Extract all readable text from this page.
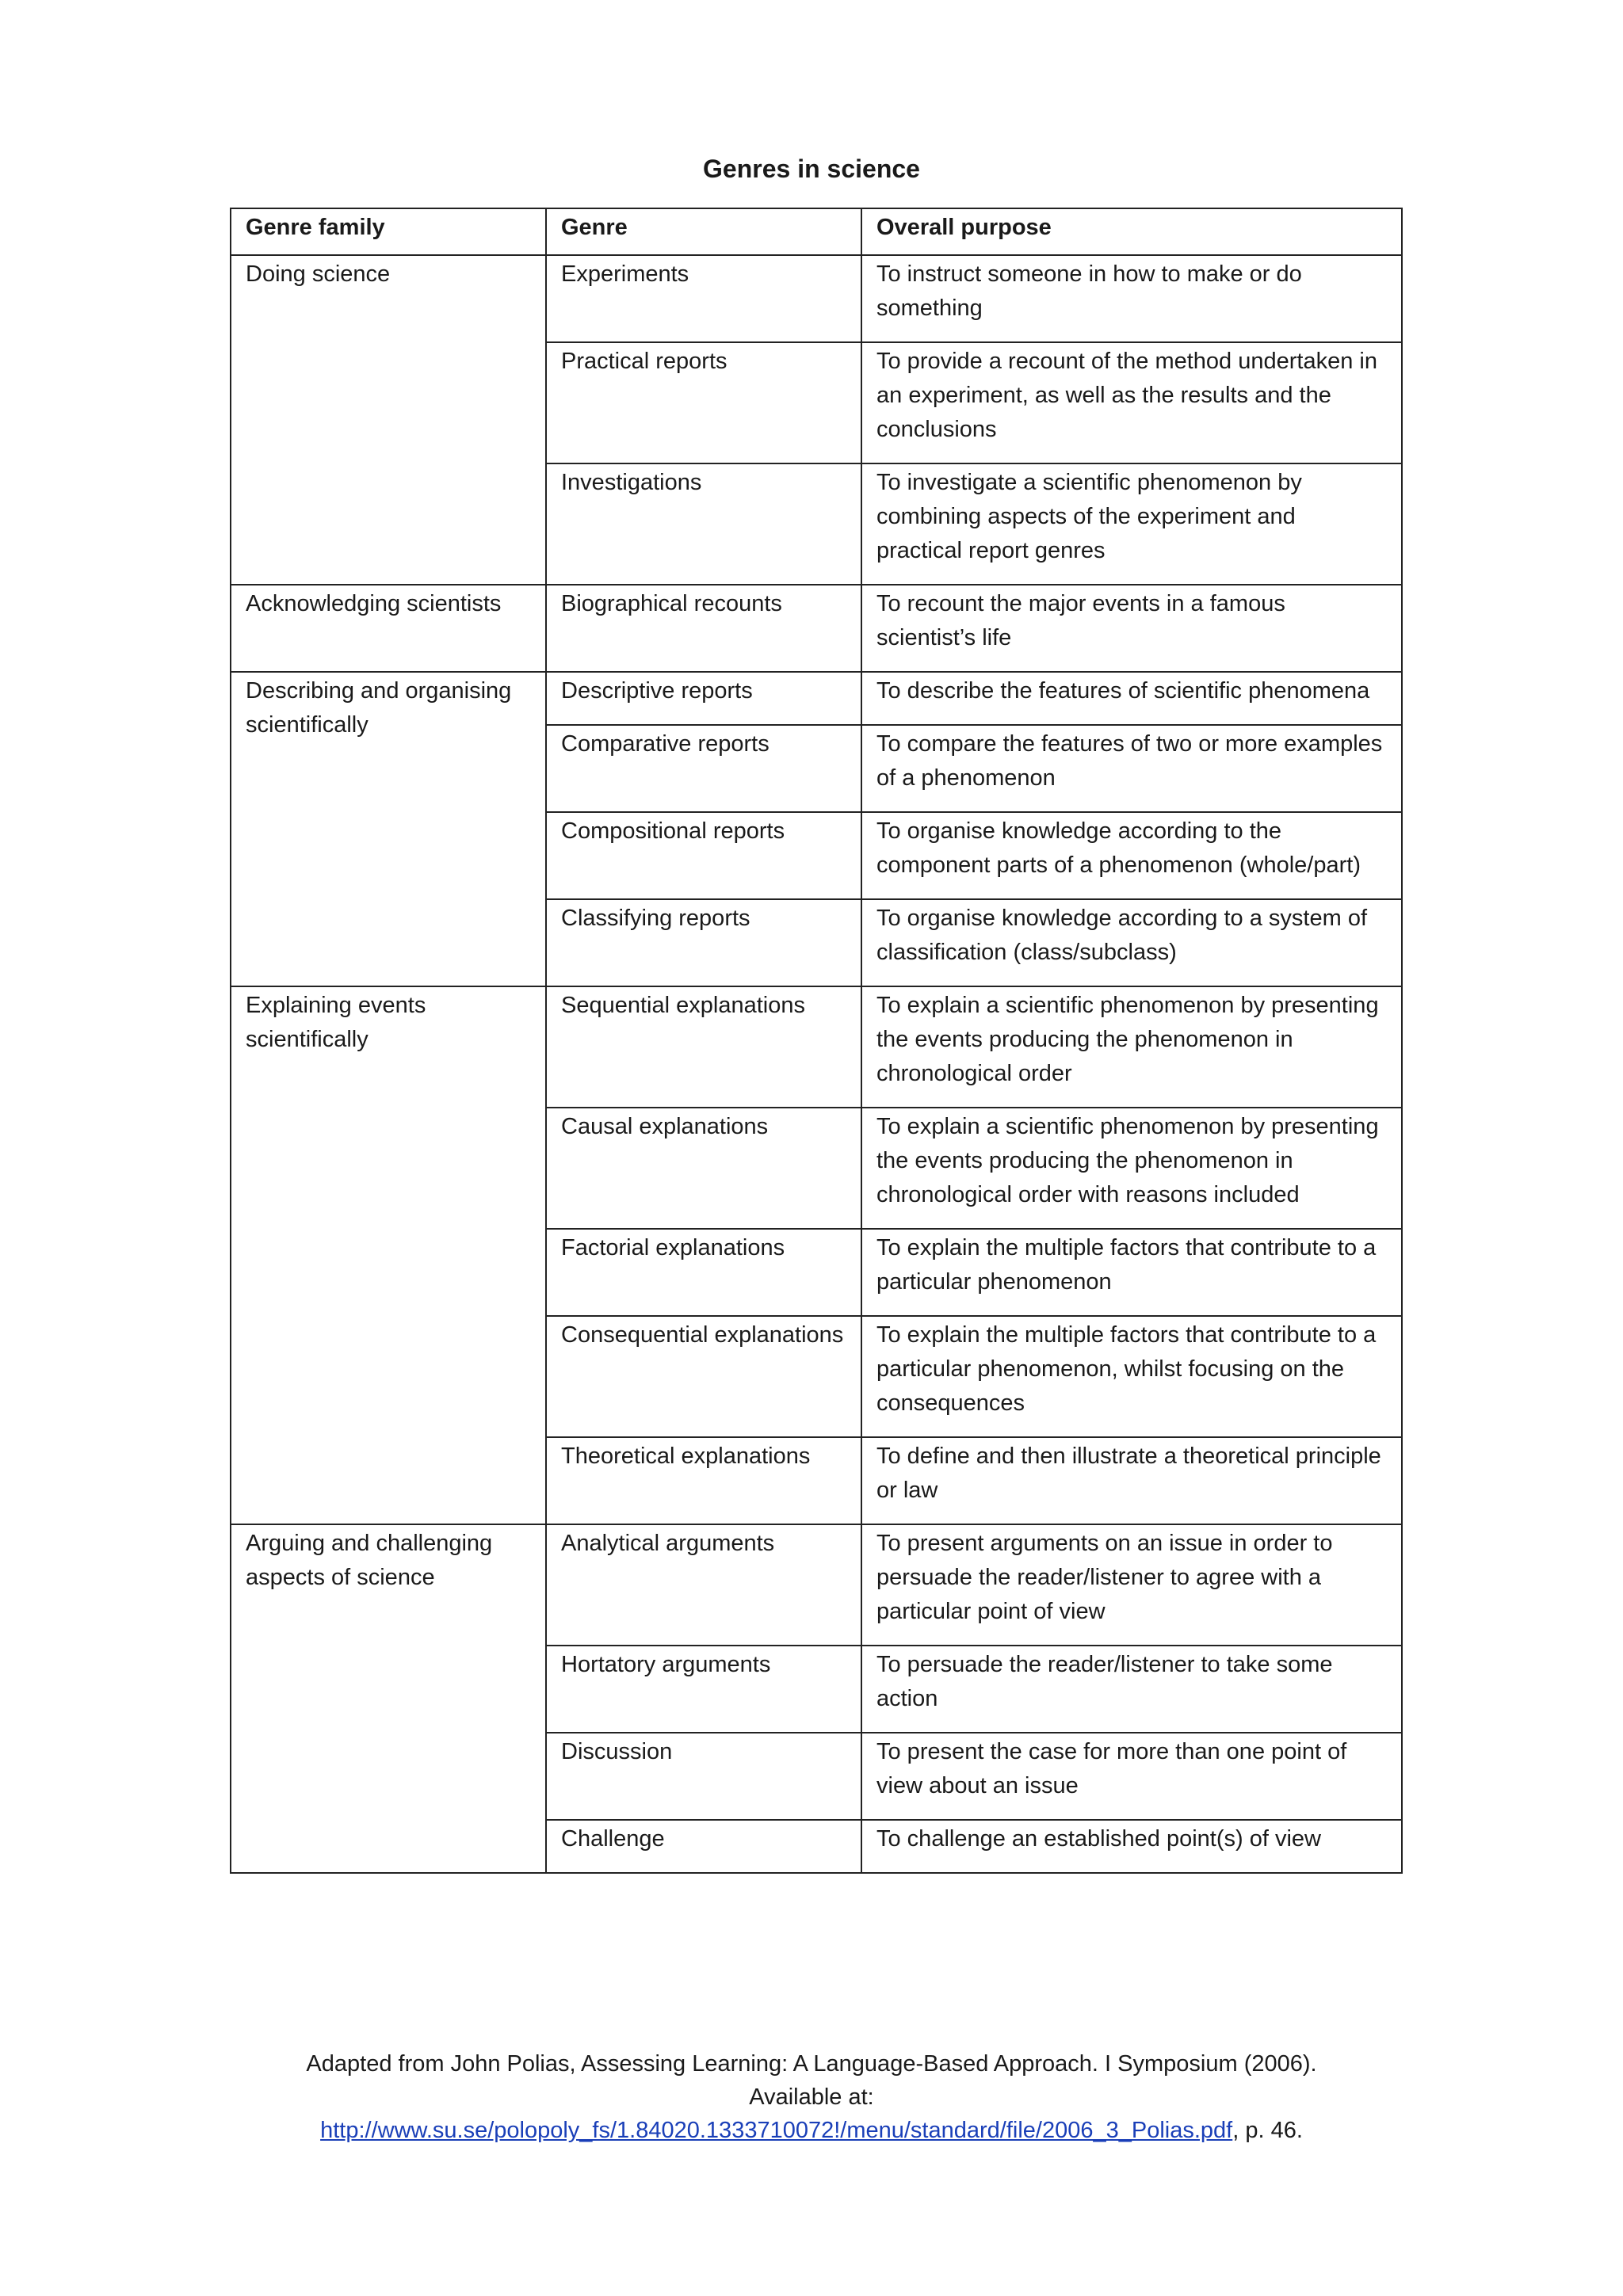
Genres in science
Genre family	Genre	Overall purpose
Doing science	Experiments	To instruct someone in how to make or do something
	Practical reports	To provide a recount of the method undertaken in an experiment, as well as the results and the conclusions
	Investigations	To investigate a scientific phenomenon by combining aspects of the experiment and practical report genres
Acknowledging scientists	Biographical recounts	To recount the major events in a famous scientist’s life
Describing and organising scientifically	Descriptive reports	To describe the features of scientific phenomena
	Comparative reports	To compare the features of two or more examples of a phenomenon
	Compositional reports	To organise knowledge according to the component parts of a phenomenon (whole/part)
	Classifying reports	To organise knowledge according to a system of classification (class/subclass)
Explaining events scientifically	Sequential explanations	To explain a scientific phenomenon by presenting the events producing the phenomenon in chronological order
	Causal explanations	To explain a scientific phenomenon by presenting the events producing the phenomenon in chronological order with reasons included
	Factorial explanations	To explain the multiple factors that contribute to a particular phenomenon
	Consequential explanations	To explain the multiple factors that contribute to a particular phenomenon, whilst focusing on the consequences
	Theoretical explanations	To define and then illustrate a theoretical principle or law
Arguing and challenging aspects of science	Analytical arguments	To present arguments on an issue in order to persuade the reader/listener to agree with a particular point of view
	Hortatory arguments	To persuade the reader/listener to take some action
	Discussion	To present the case for more than one point of view about an issue
	Challenge	To challenge an established point(s) of view
Adapted from John Polias, Assessing Learning: A Language-Based Approach. I Symposium (2006).
Available at:
http://www.su.se/polopoly_fs/1.84020.1333710072!/menu/standard/file/2006_3_Polias.pdf, p. 46.
